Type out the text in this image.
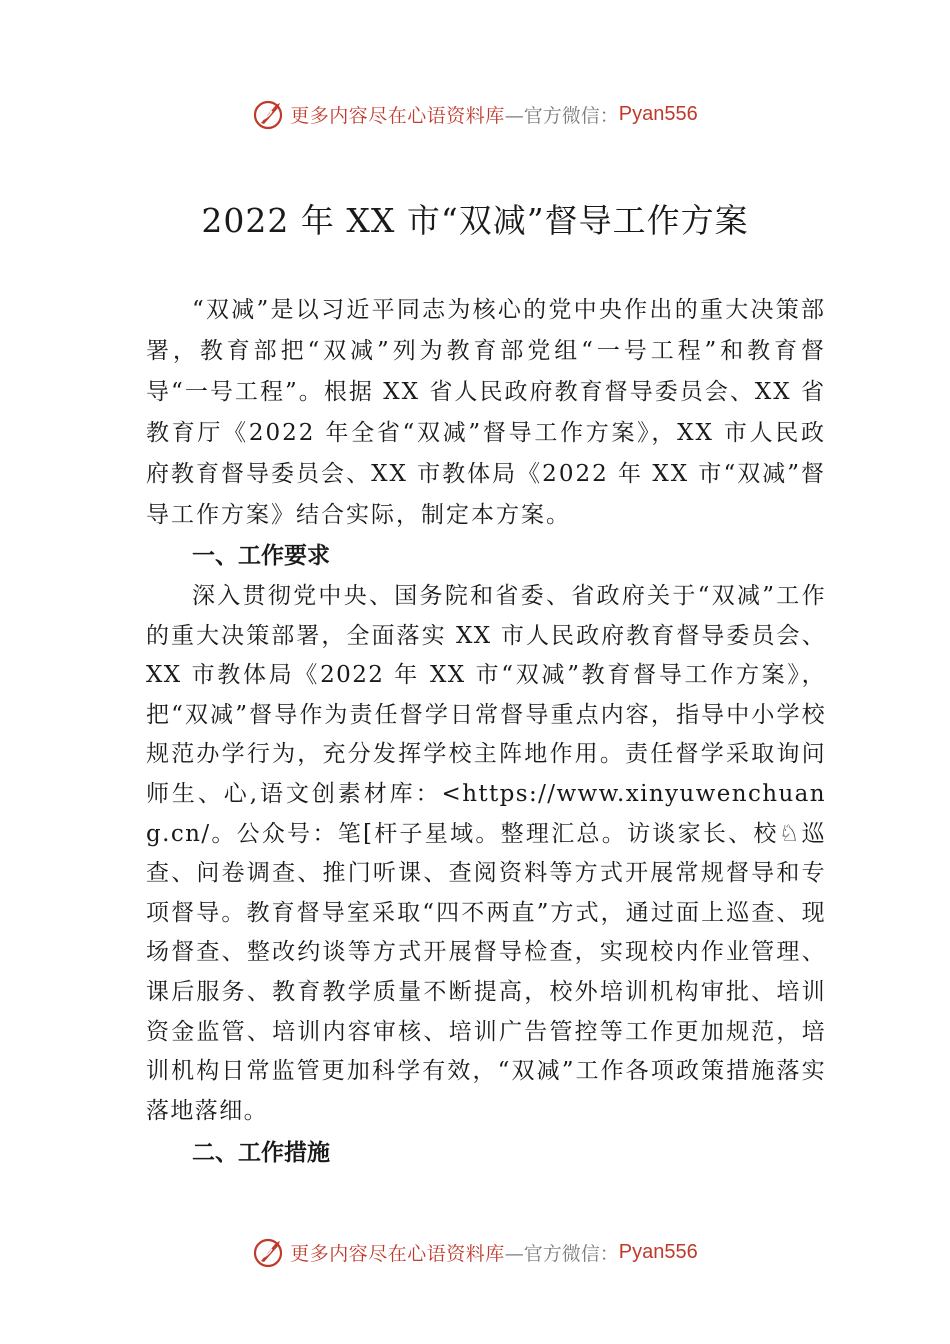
更多内容尽在心语资料库 —官方微信： Pyan556
2022 年 XX 市“双减”督导工作方案

“双减”是以习近平同志为核心的党中央作出的重大决策部署，教育部把“双减”列为教育部党组“一号工程”和教育督导“一号工程”。根据 XX 省人民政府教育督导委员会、XX 省教育厅《2022 年全省“双减”督导工作方案》，XX 市人民政府教育督导委员会、XX 市教体局《2022 年 XX 市“双减”督导工作方案》结合实际，制定本方案。

一、工作要求

深入贯彻党中央、国务院和省委、省政府关于“双减”工作的重大决策部署，全面落实 XX 市人民政府教育督导委员会、XX 市教体局《2022 年 XX 市“双减”教育督导工作方案》，把“双减”督导作为责任督学日常督导重点内容，指导中小学校规范办学行为，充分发挥学校主阵地作用。责任督学采取询问师生、心,语文创素材库：<https://www.xinyuwenchuang.cn/。公众号：笔[杆子星域。整理汇总。访谈家长、校♘巡查、问卷调查、推门听课、查阅资料等方式开展常规督导和专项督导。教育督导室采取“四不两直”方式，通过面上巡查、现场督查、整改约谈等方式开展督导检查，实现校内作业管理、课后服务、教育教学质量不断提高，校外培训机构审批、培训资金监管、培训内容审核、培训广告管控等工作更加规范，培训机构日常监管更加科学有效，“双减”工作各项政策措施落实落地落细。

二、工作措施

更多内容尽在心语资料库 —官方微信： Pyan556
